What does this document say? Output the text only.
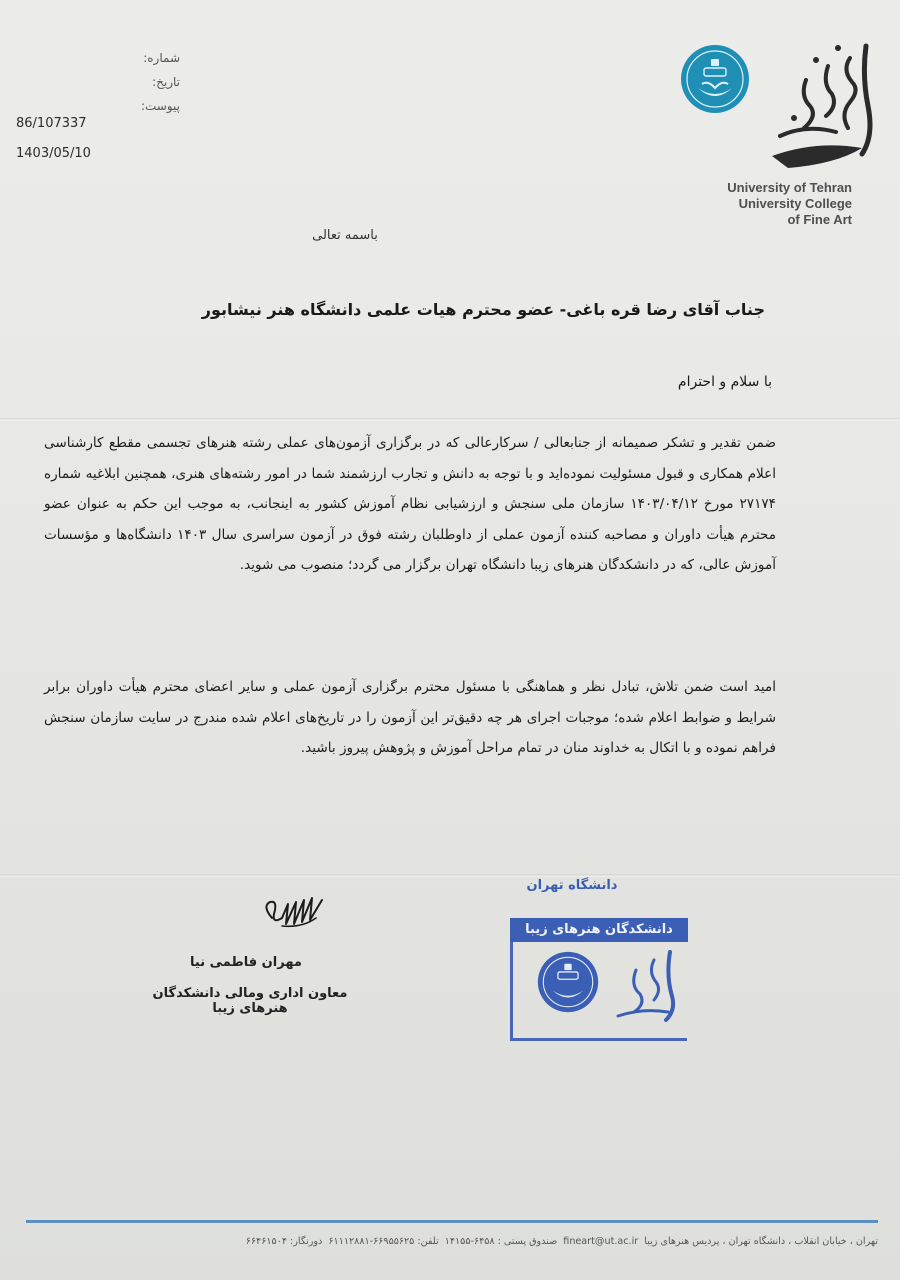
شماره:
تاریخ:
پیوست:
86/107337
1403/05/10
University of Tehran
University College
of Fine Art
باسمه تعالی
جناب آقای رضا قره باغی- عضو محترم هیات علمی دانشگاه هنر نیشابور
با سلام و احترام

ضمن تقدیر و تشکر صمیمانه از جنابعالی / سرکارعالی که در برگزاری آزمون‌های عملی رشته هنرهای تجسمی مقطع کارشناسی اعلام همکاری و قبول مسئولیت نموده‌اید و با توجه به دانش و تجارب ارزشمند شما در امور رشته‌های هنری، همچنین ابلاغیه شماره ۲۷۱۷۴ مورخ ۱۴۰۳/۰۴/۱۲ سازمان ملی سنجش و ارزشیابی نظام آموزش کشور به اینجانب، به موجب این حکم به عنوان عضو محترم هیأت داوران و مصاحبه کننده آزمون عملی از داوطلبان رشته فوق در آزمون سراسری سال ۱۴۰۳ دانشگاه‌ها و مؤسسات آموزش عالی، که در دانشکدگان هنرهای زیبا دانشگاه تهران برگزار می گردد؛ منصوب می شوید.

امید است ضمن تلاش، تبادل نظر و هماهنگی با مسئول محترم برگزاری آزمون عملی و سایر اعضای محترم هیأت داوران برابر شرایط و ضوابط اعلام شده؛ موجبات اجرای هر چه دقیق‌تر این آزمون را در تاریخ‌های اعلام شده مندرج در سایت سازمان سنجش فراهم نموده و با اتکال به خداوند منان در تمام مراحل آموزش و پژوهش پیروز باشید.

مهران فاطمی نیا
معاون اداری ومالی دانشکدگان هنرهای زیبا
دانشگاه تهران
دانشکدگان هنرهای زیبا
تهران ، خیابان انقلاب ، دانشگاه تهران ، پردیس هنرهای زیبا fineart@ut.ac.ir صندوق پستی : ۶۴۵۸-۱۴۱۵۵ تلفن: ۶۶۹۵۵۶۲۵-۶۱۱۱۲۸۸۱ دورنگار: ۶۶۴۶۱۵۰۴
